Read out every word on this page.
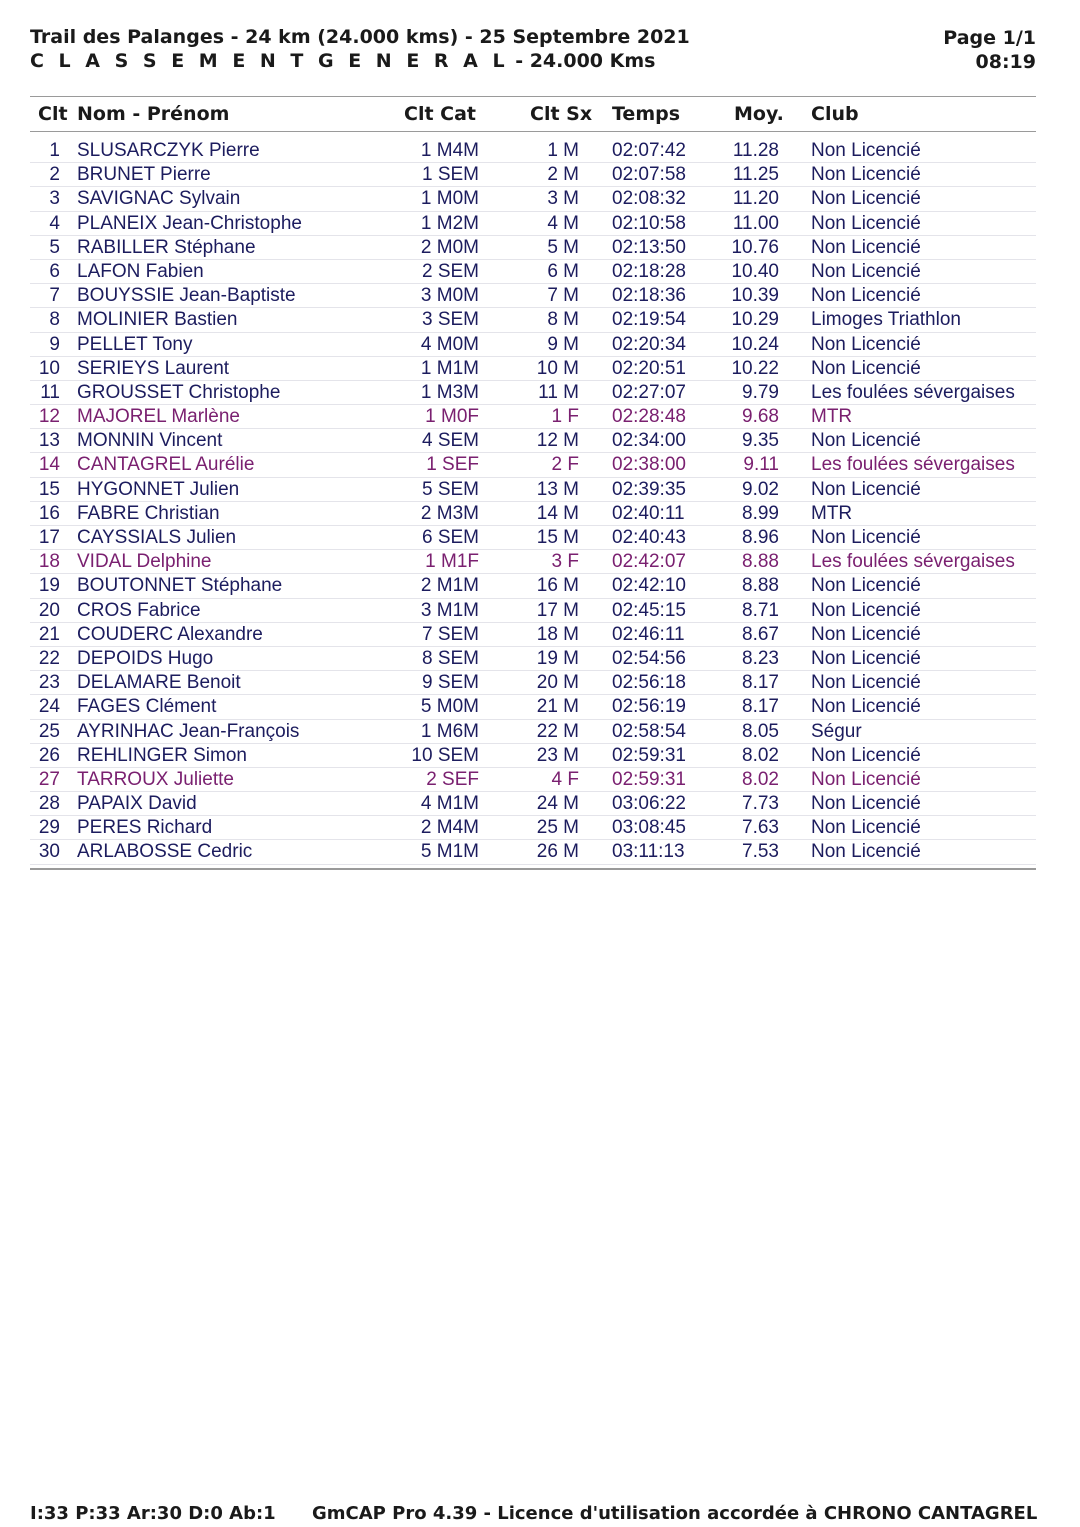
Trail des Palanges - 24 km (24.000 kms) - 25 Septembre 2021
C L A S S E M E N T G E N E R A L - 24.000 Kms
Page 1/1
08:19
Clt Nom - Prénom	Clt Cat	Clt Sx Temps	Moy. Club
1 SLUSARCZYK Pierre	1 M4M	1 M 02:07:42	11.28 Non Licencié
2 BRUNET Pierre	1 SEM	2 M 02:07:58	11.25 Non Licencié
3 SAVIGNAC Sylvain	1 M0M	3 M 02:08:32	11.20 Non Licencié
4 PLANEIX Jean-Christophe	1 M2M	4 M 02:10:58	11.00 Non Licencié
5 RABILLER Stéphane	2 M0M	5 M 02:13:50	10.76 Non Licencié
6 LAFON Fabien	2 SEM	6 M 02:18:28	10.40 Non Licencié
7 BOUYSSIE Jean-Baptiste	3 M0M	7 M 02:18:36	10.39 Non Licencié
8 MOLINIER Bastien	3 SEM	8 M 02:19:54	10.29 Limoges Triathlon
9 PELLET Tony	4 M0M	9 M 02:20:34	10.24 Non Licencié
10 SERIEYS Laurent	1 M1M	10 M 02:20:51	10.22 Non Licencié
11 GROUSSET Christophe	1 M3M	11 M 02:27:07	9.79 Les foulées sévergaises
12 MAJOREL Marlène	1 M0F	1 F 02:28:48	9.68 MTR
13 MONNIN Vincent	4 SEM	12 M 02:34:00	9.35 Non Licencié
14 CANTAGREL Aurélie	1 SEF	2 F 02:38:00	9.11 Les foulées sévergaises
15 HYGONNET Julien	5 SEM	13 M 02:39:35	9.02 Non Licencié
16 FABRE Christian	2 M3M	14 M 02:40:11	8.99 MTR
17 CAYSSIALS Julien	6 SEM	15 M 02:40:43	8.96 Non Licencié
18 VIDAL Delphine	1 M1F	3 F 02:42:07	8.88 Les foulées sévergaises
19 BOUTONNET Stéphane	2 M1M	16 M 02:42:10	8.88 Non Licencié
20 CROS Fabrice	3 M1M	17 M 02:45:15	8.71 Non Licencié
21 COUDERC Alexandre	7 SEM	18 M 02:46:11	8.67 Non Licencié
22 DEPOIDS Hugo	8 SEM	19 M 02:54:56	8.23 Non Licencié
23 DELAMARE Benoit	9 SEM	20 M 02:56:18	8.17 Non Licencié
24 FAGES Clément	5 M0M	21 M 02:56:19	8.17 Non Licencié
25 AYRINHAC Jean-François	1 M6M	22 M 02:58:54	8.05 Ségur
26 REHLINGER Simon	10 SEM	23 M 02:59:31	8.02 Non Licencié
27 TARROUX Juliette	2 SEF	4 F 02:59:31	8.02 Non Licencié
28 PAPAIX David	4 M1M	24 M 03:06:22	7.73 Non Licencié
29 PERES Richard	2 M4M	25 M 03:08:45	7.63 Non Licencié
30 ARLABOSSE Cedric	5 M1M	26 M 03:11:13	7.53 Non Licencié
I:33 P:33 Ar:30 D:0 Ab:1 GmCAP Pro 4.39 - Licence d'utilisation accordée à CHRONO CANTAGREL
